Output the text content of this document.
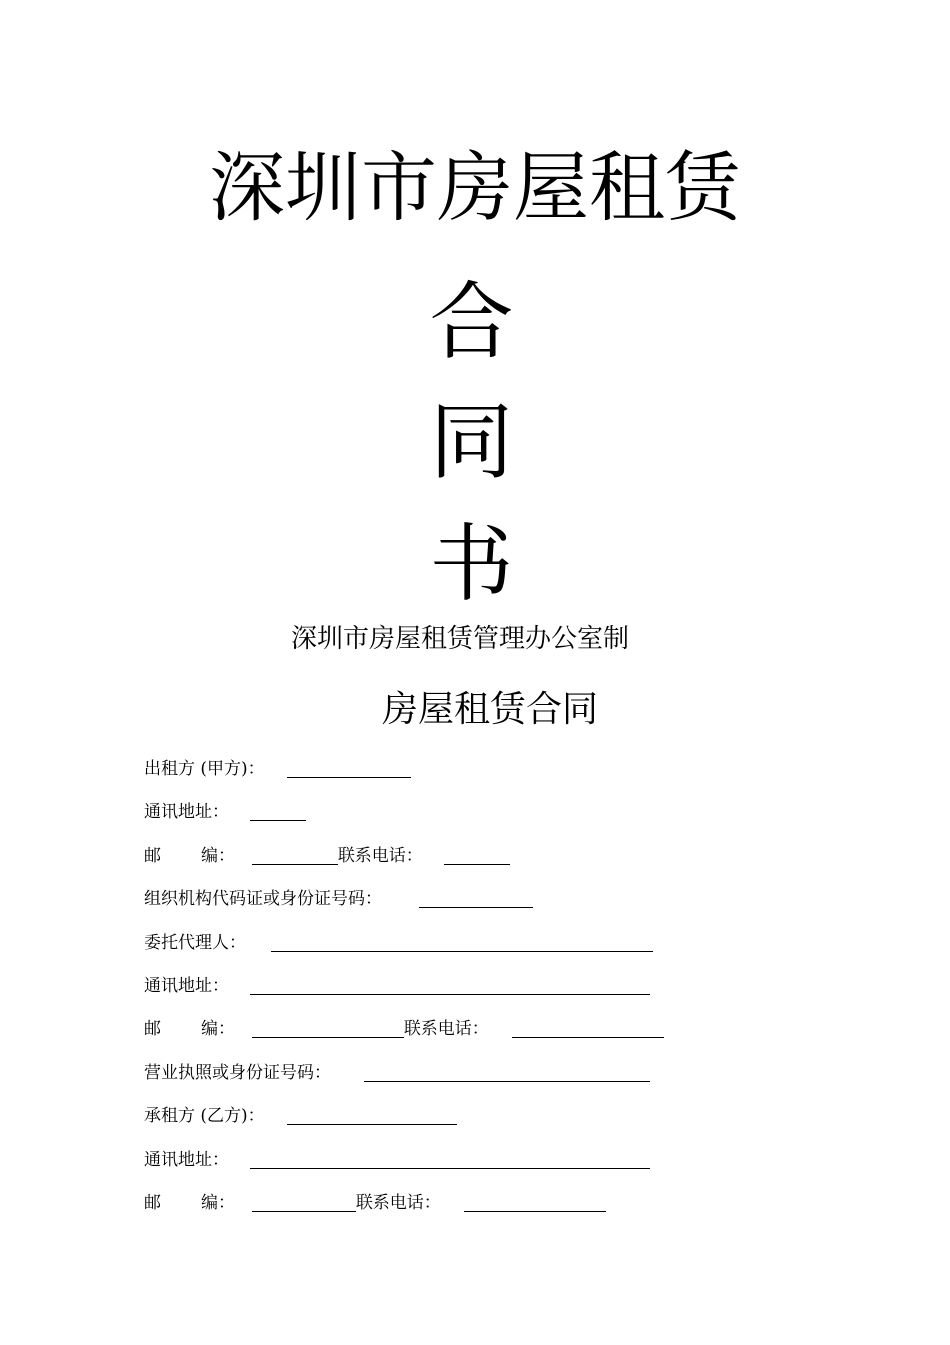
深圳市房屋租赁
合
同
书
深圳市房屋租赁管理办公室制
房屋租赁合同
出租方 (甲方)：
通讯地址：
邮 编：	联系电话：
组织机构代码证或身份证号码：
委托代理人：
通讯地址：
邮 编：	联系电话：
营业执照或身份证号码：
承租方 (乙方)：
通讯地址：
邮 编：	联系电话：
